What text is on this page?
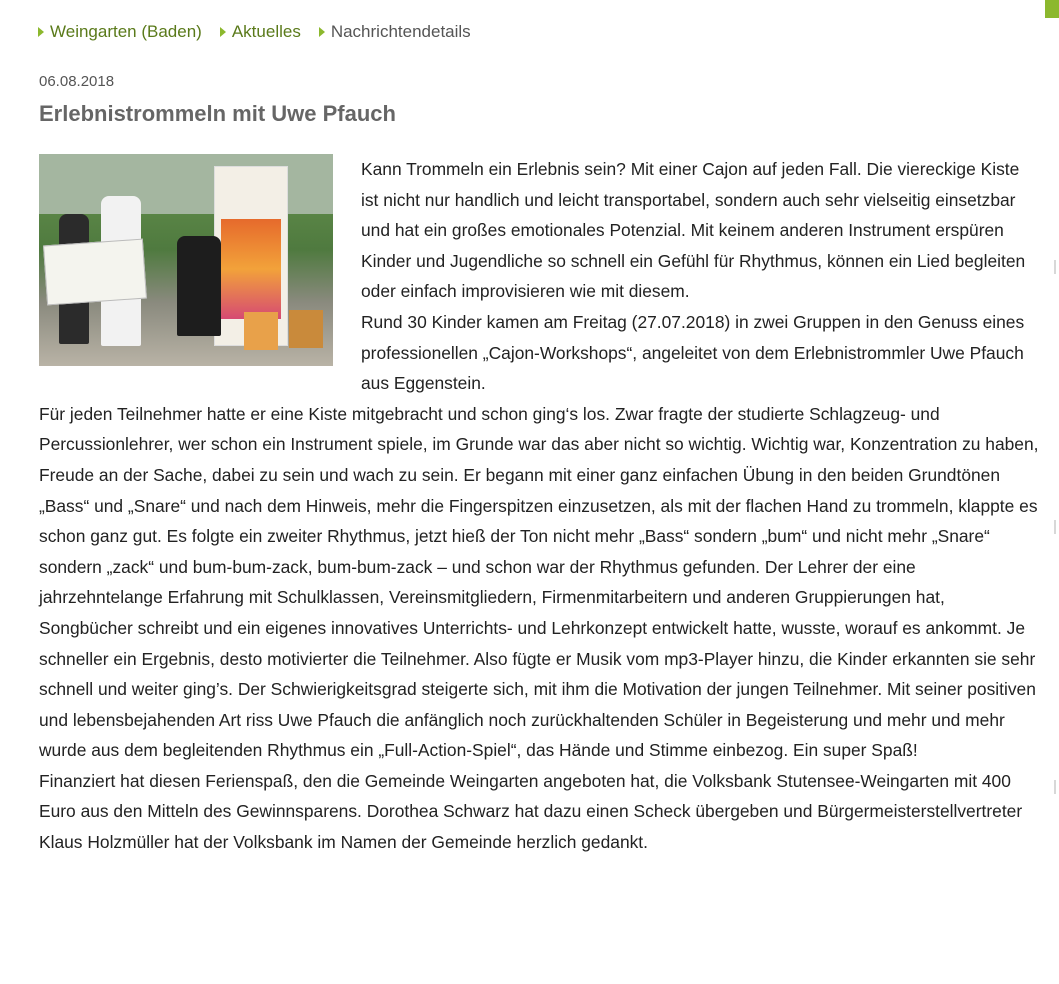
Weingarten (Baden) Aktuelles Nachrichtendetails
06.08.2018
Erlebnistrommeln mit Uwe Pfauch

Kann Trommeln ein Erlebnis sein? Mit einer Cajon auf jeden Fall. Die viereckige Kiste ist nicht nur handlich und leicht transportabel, sondern auch sehr vielseitig einsetzbar und hat ein großes emotionales Potenzial. Mit keinem anderen Instrument erspüren Kinder und Jugendliche so schnell ein Gefühl für Rhythmus, können ein Lied begleiten oder einfach improvisieren wie mit diesem.

Rund 30 Kinder kamen am Freitag (27.07.2018) in zwei Gruppen in den Genuss eines professionellen „Cajon-Workshops“, angeleitet von dem Erlebnistrommler Uwe Pfauch aus Eggenstein.

Für jeden Teilnehmer hatte er eine Kiste mitgebracht und schon ging‘s los. Zwar fragte der studierte Schlagzeug- und Percussionlehrer, wer schon ein Instrument spiele, im Grunde war das aber nicht so wichtig. Wichtig war, Konzentration zu haben, Freude an der Sache, dabei zu sein und wach zu sein. Er begann mit einer ganz einfachen Übung in den beiden Grundtönen „Bass“ und „Snare“ und nach dem Hinweis, mehr die Fingerspitzen einzusetzen, als mit der flachen Hand zu trommeln, klappte es schon ganz gut. Es folgte ein zweiter Rhythmus, jetzt hieß der Ton nicht mehr „Bass“ sondern „bum“ und nicht mehr „Snare“ sondern „zack“ und bum-bum-zack, bum-bum-zack – und schon war der Rhythmus gefunden. Der Lehrer der eine jahrzehntelange Erfahrung mit Schulklassen, Vereinsmitgliedern, Firmenmitarbeitern und anderen Gruppierungen hat, Songbücher schreibt und ein eigenes innovatives Unterrichts- und Lehrkonzept entwickelt hatte, wusste, worauf es ankommt. Je schneller ein Ergebnis, desto motivierter die Teilnehmer. Also fügte er Musik vom mp3-Player hinzu, die Kinder erkannten sie sehr schnell und weiter ging’s. Der Schwierigkeitsgrad steigerte sich, mit ihm die Motivation der jungen Teilnehmer. Mit seiner positiven und lebensbejahenden Art riss Uwe Pfauch die anfänglich noch zurückhaltenden Schüler in Begeisterung und mehr und mehr wurde aus dem begleitenden Rhythmus ein „Full-Action-Spiel“, das Hände und Stimme einbezog. Ein super Spaß!

Finanziert hat diesen Ferienspaß, den die Gemeinde Weingarten angeboten hat, die Volksbank Stutensee-Weingarten mit 400 Euro aus den Mitteln des Gewinnsparens. Dorothea Schwarz hat dazu einen Scheck übergeben und Bürgermeisterstellvertreter Klaus Holzmüller hat der Volksbank im Namen der Gemeinde herzlich gedankt.
